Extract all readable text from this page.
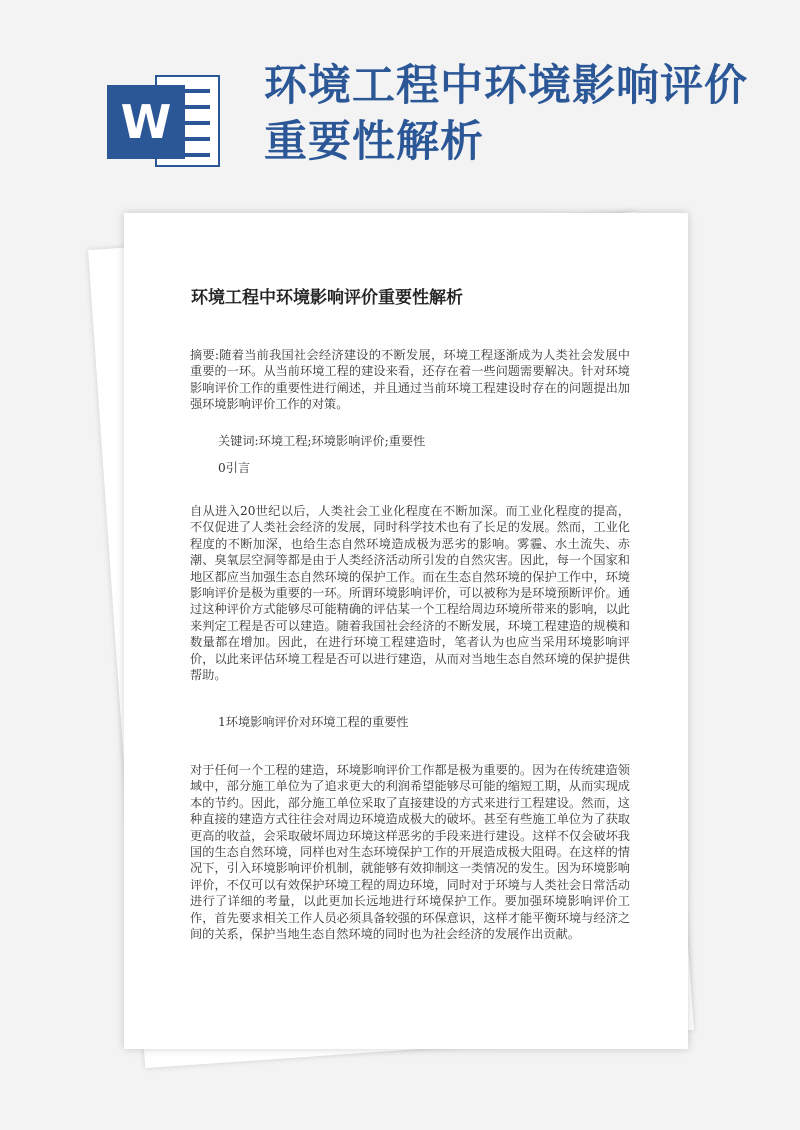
W
环境工程中环境影响评价重要性解析
环境工程中环境影响评价重要性解析

摘要:随着当前我国社会经济建设的不断发展，环境工程逐渐成为人类社会发展中重要的一环。从当前环境工程的建设来看，还存在着一些问题需要解决。针对环境影响评价工作的重要性进行阐述，并且通过当前环境工程建设时存在的问题提出加强环境影响评价工作的对策。

关键词:环境工程;环境影响评价;重要性

0引言

自从进入20世纪以后，人类社会工业化程度在不断加深。而工业化程度的提高，不仅促进了人类社会经济的发展，同时科学技术也有了长足的发展。然而，工业化程度的不断加深，也给生态自然环境造成极为恶劣的影响。雾霾、水土流失、赤潮、臭氧层空洞等都是由于人类经济活动所引发的自然灾害。因此，每一个国家和地区都应当加强生态自然环境的保护工作。而在生态自然环境的保护工作中，环境影响评价是极为重要的一环。所谓环境影响评价，可以被称为是环境预断评价。通过这种评价方式能够尽可能精确的评估某一个工程给周边环境所带来的影响，以此来判定工程是否可以建造。随着我国社会经济的不断发展，环境工程建造的规模和数量都在增加。因此，在进行环境工程建造时，笔者认为也应当采用环境影响评价，以此来评估环境工程是否可以进行建造，从而对当地生态自然环境的保护提供帮助。

1环境影响评价对环境工程的重要性

对于任何一个工程的建造，环境影响评价工作都是极为重要的。因为在传统建造领域中，部分施工单位为了追求更大的利润希望能够尽可能的缩短工期，从而实现成本的节约。因此，部分施工单位采取了直接建设的方式来进行工程建设。然而，这种直接的建造方式往往会对周边环境造成极大的破坏。甚至有些施工单位为了获取更高的收益，会采取破坏周边环境这样恶劣的手段来进行建设。这样不仅会破坏我国的生态自然环境，同样也对生态环境保护工作的开展造成极大阻碍。在这样的情况下，引入环境影响评价机制，就能够有效抑制这一类情况的发生。因为环境影响评价，不仅可以有效保护环境工程的周边环境，同时对于环境与人类社会日常活动进行了详细的考量，以此更加长远地进行环境保护工作。要加强环境影响评价工作，首先要求相关工作人员必须具备较强的环保意识，这样才能平衡环境与经济之间的关系，保护当地生态自然环境的同时也为社会经济的发展作出贡献。
